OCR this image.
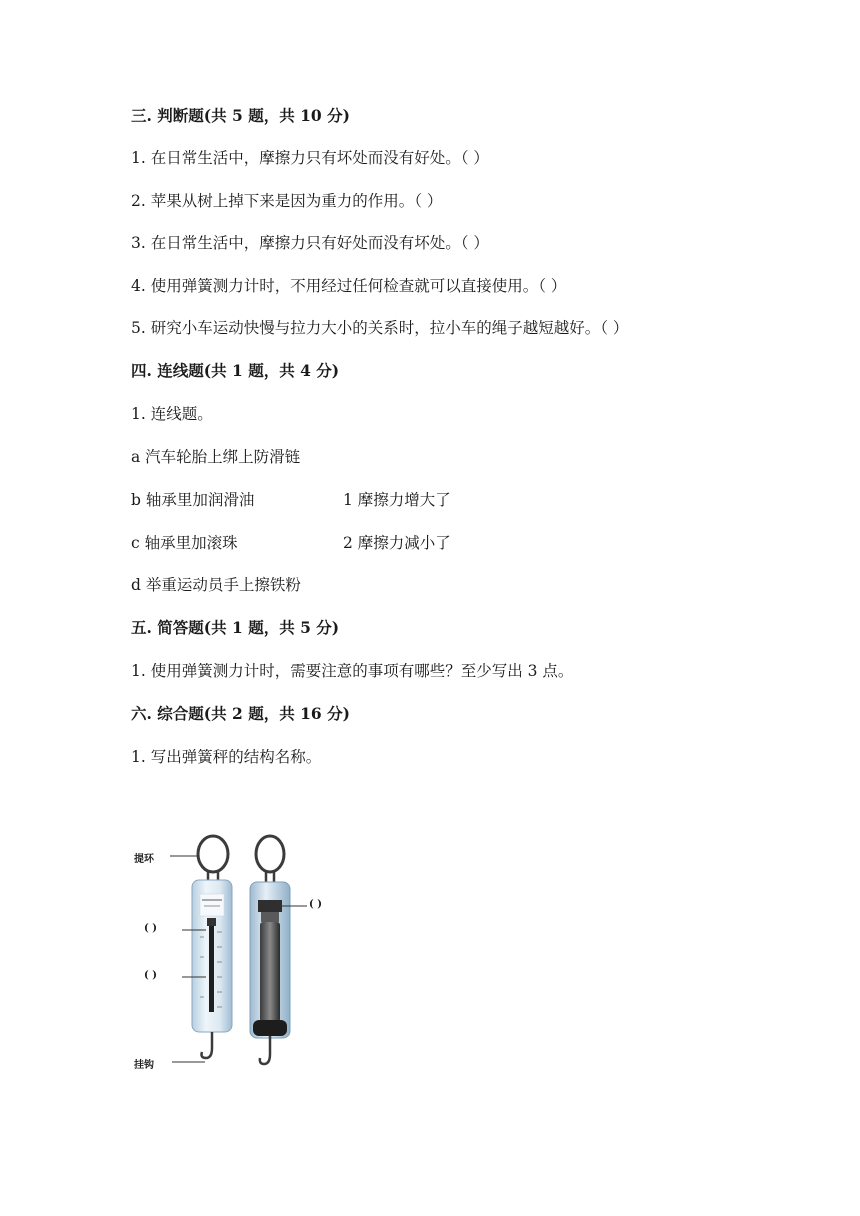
三. 判断题(共 5 题，共 10 分)
1. 在日常生活中，摩擦力只有坏处而没有好处。（ ）
2. 苹果从树上掉下来是因为重力的作用。（ ）
3. 在日常生活中，摩擦力只有好处而没有坏处。（ ）
4. 使用弹簧测力计时，不用经过任何检查就可以直接使用。（ ）
5. 研究小车运动快慢与拉力大小的关系时，拉小车的绳子越短越好。（ ）
四. 连线题(共 1 题，共 4 分)
1. 连线题。
a 汽车轮胎上绑上防滑链
b 轴承里加润滑油	1 摩擦力增大了
c 轴承里加滚珠	2 摩擦力减小了
d 举重运动员手上擦铁粉
五. 简答题(共 1 题，共 5 分)
1. 使用弹簧测力计时，需要注意的事项有哪些？至少写出 3 点。
六. 综合题(共 2 题，共 16 分)
1. 写出弹簧秤的结构名称。
提环
( )
( )
挂钩
( )
